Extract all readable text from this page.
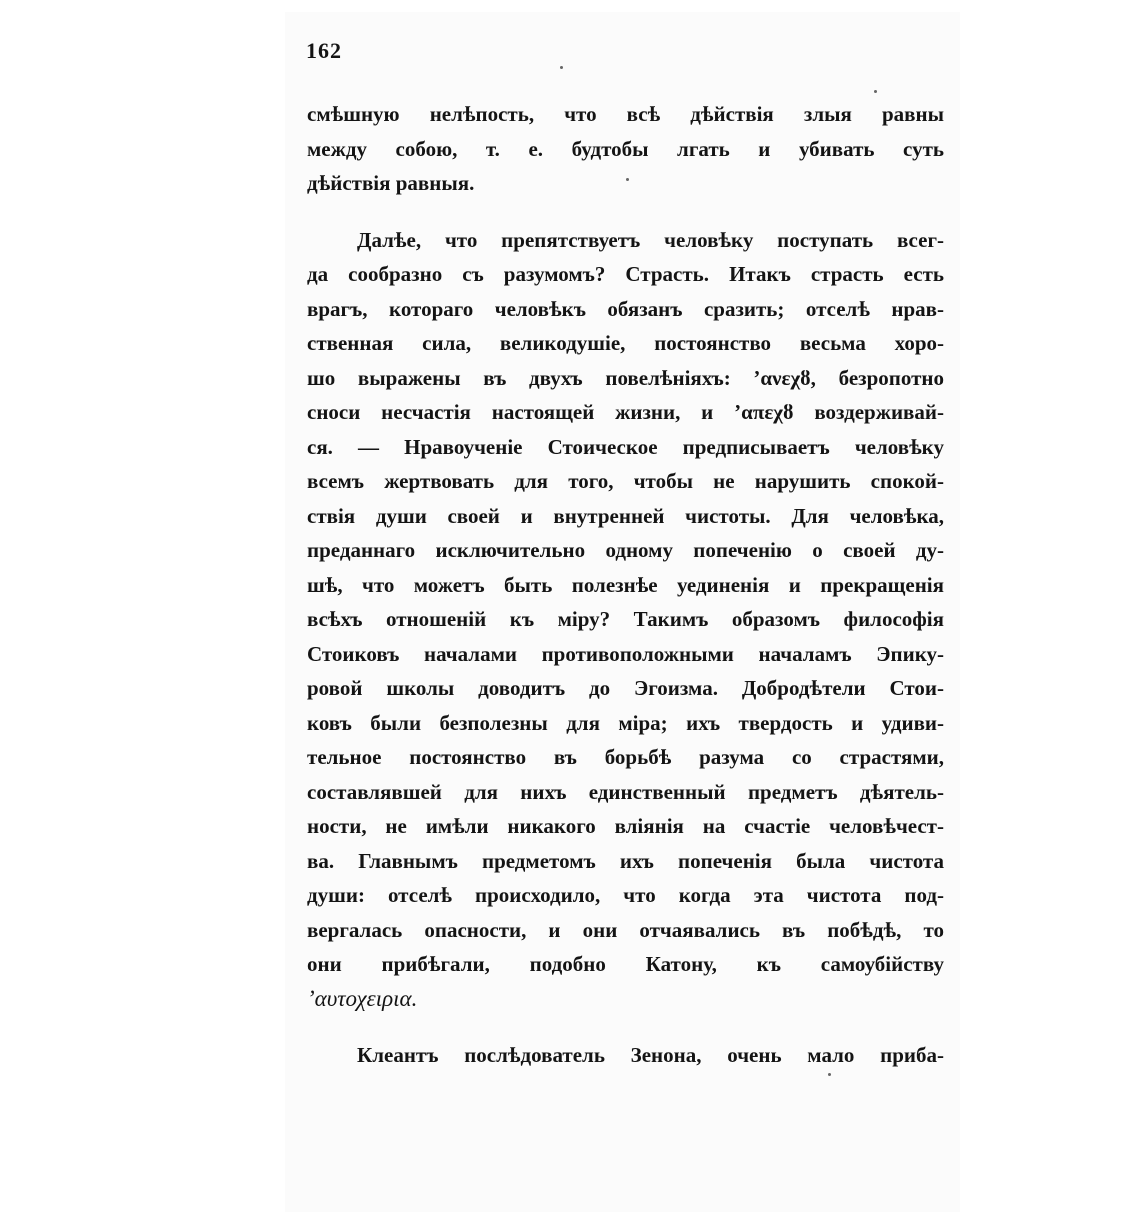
162
смѣшную нелѣпость, что всѣ дѣйствія злыя равны
между собою, т. е. будтобы лгать и убивать суть
дѣйствія равныя.
Далѣе, что препятствуетъ человѣку поступать всег-
да сообразно съ разумомъ? Страсть. Итакъ страсть есть
врагъ, котораго человѣкъ обязанъ сразить; отселѣ нрав-
ственная сила, великодушіе, постоянство весьма хоро-
шо выражены въ двухъ повелѣніяхъ: ’ανεχȣ, безропотно
сноси несчастія настоящей жизни, и ’απεχȣ воздерживай-
ся. — Нравоученіе Стоическое предписываетъ человѣку
всемъ жертвовать для того, чтобы не нарушить спокой-
ствія души своей и внутренней чистоты. Для человѣка,
преданнаго исключительно одному попеченію о своей ду-
шѣ, что можетъ быть полезнѣе уединенія и прекращенія
всѣхъ отношеній къ міру? Такимъ образомъ философія
Стоиковъ началами противоположными началамъ Эпику-
ровой школы доводитъ до Эгоизма. Добродѣтели Стои-
ковъ были безполезны для міра; ихъ твердость и удиви-
тельное постоянство въ борьбѣ разума со страстями,
составлявшей для нихъ единственный предметъ дѣятель-
ности, не имѣли никакого вліянія на счастіе человѣчест-
ва. Главнымъ предметомъ ихъ попеченія была чистота
души: отселѣ происходило, что когда эта чистота под-
вергалась опасности, и они отчаявались въ побѣдѣ, то
они прибѣгали, подобно Катону, къ самоубійству
’αυτοχειρια.
Клеантъ послѣдователь Зенона, очень мало приба-
